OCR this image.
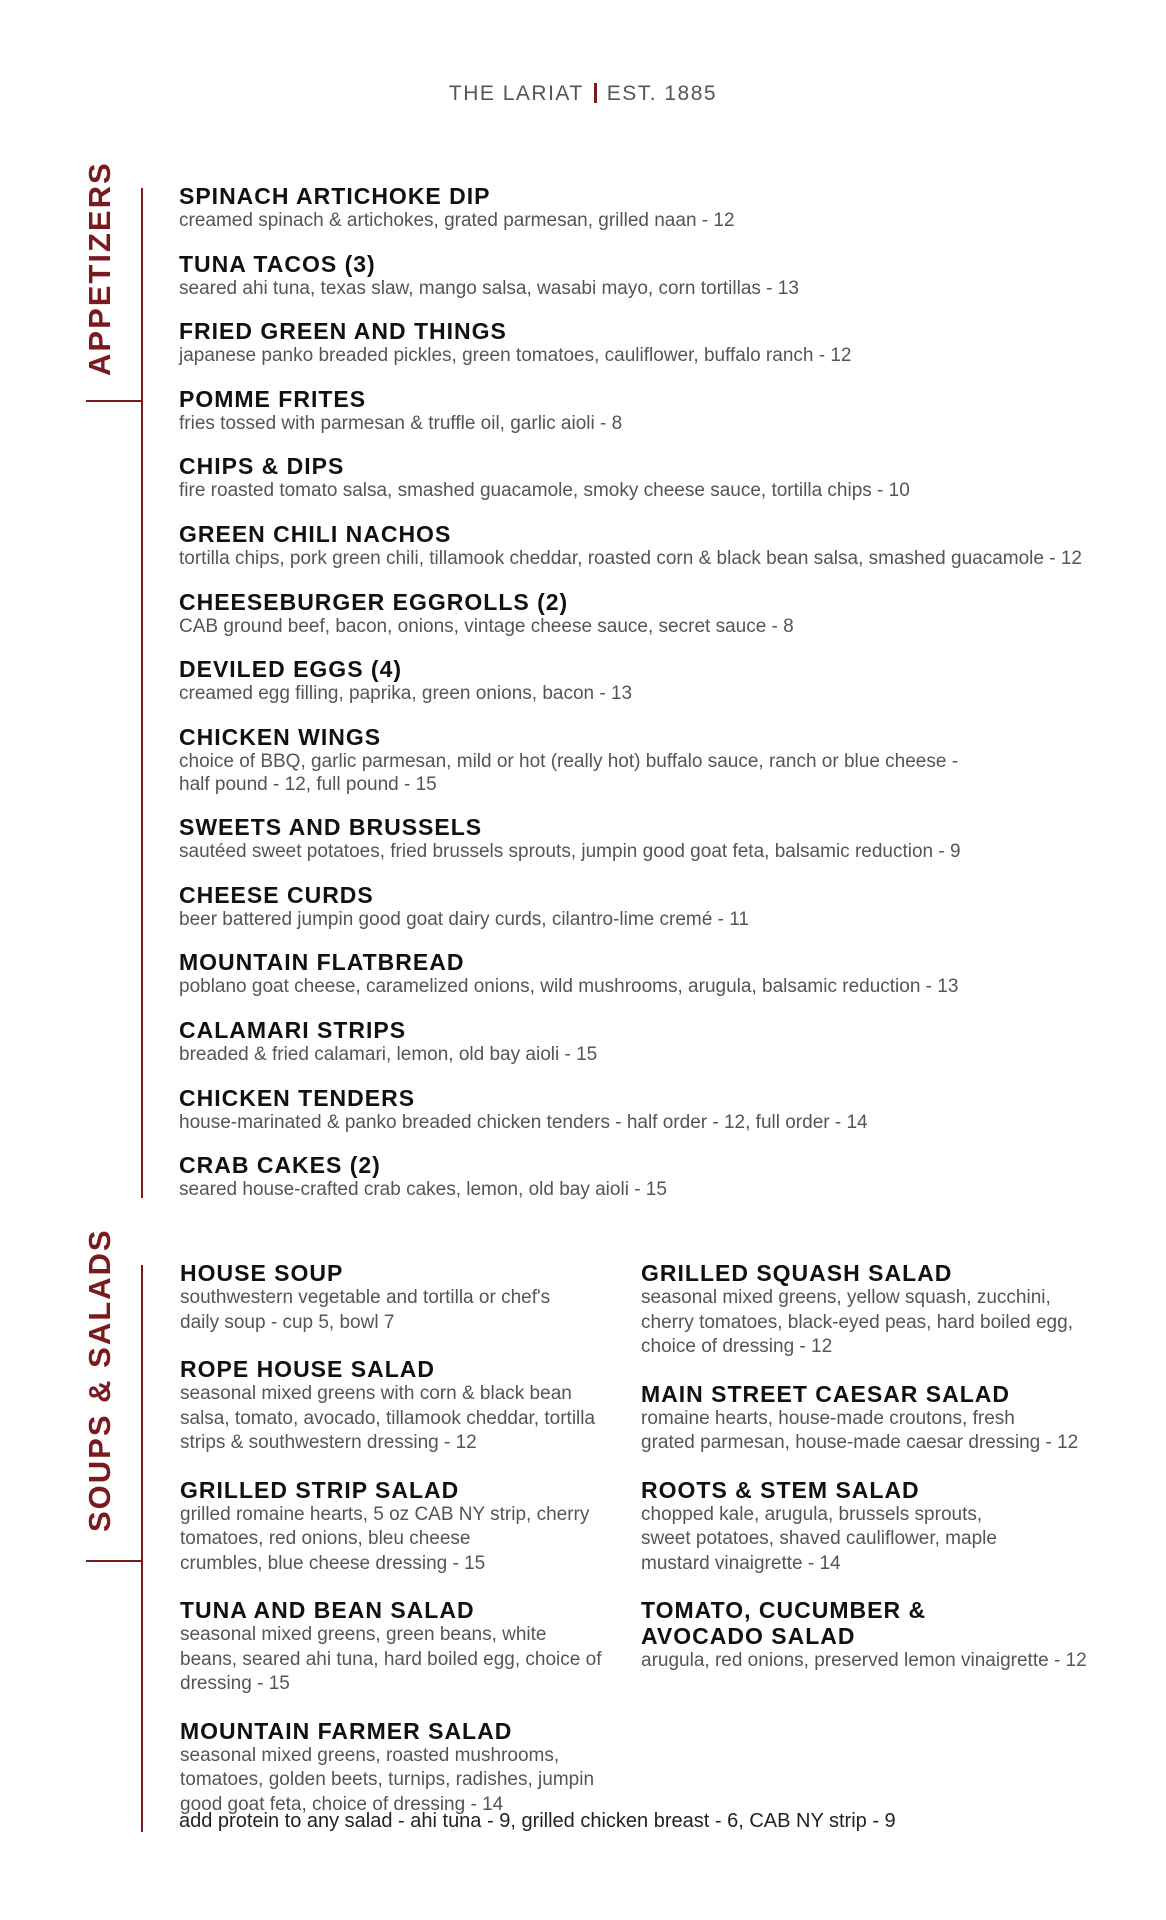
THE LARIAT EST. 1885
APPETIZERS	SPINACH ARTICHOKE DIP

creamed spinach & artichokes, grated parmesan, grilled naan - 12

TUNA TACOS (3)

seared ahi tuna, texas slaw, mango salsa, wasabi mayo, corn tortillas - 13

FRIED GREEN AND THINGS

japanese panko breaded pickles, green tomatoes, cauliflower, buffalo ranch - 12

POMME FRITES

fries tossed with parmesan & truffle oil, garlic aioli - 8

CHIPS & DIPS

fire roasted tomato salsa, smashed guacamole, smoky cheese sauce, tortilla chips - 10

GREEN CHILI NACHOS

tortilla chips, pork green chili, tillamook cheddar, roasted corn & black bean salsa, smashed guacamole - 12

CHEESEBURGER EGGROLLS (2)

CAB ground beef, bacon, onions, vintage cheese sauce, secret sauce - 8

DEVILED EGGS (4)

creamed egg filling, paprika, green onions, bacon - 13

CHICKEN WINGS

choice of BBQ, garlic parmesan, mild or hot (really hot) buffalo sauce, ranch or blue cheese -

half pound - 12, full pound - 15

SWEETS AND BRUSSELS

sautéed sweet potatoes, fried brussels sprouts, jumpin good goat feta, balsamic reduction - 9

CHEESE CURDS

beer battered jumpin good goat dairy curds, cilantro-lime cremé - 11

MOUNTAIN FLATBREAD

poblano goat cheese, caramelized onions, wild mushrooms, arugula, balsamic reduction - 13

CALAMARI STRIPS

breaded & fried calamari, lemon, old bay aioli - 15

CHICKEN TENDERS

house-marinated & panko breaded chicken tenders - half order - 12, full order - 14

CRAB CAKES (2)

seared house-crafted crab cakes, lemon, old bay aioli - 15

SOUPS & SALADS	HOUSE SOUP

southwestern vegetable and tortilla or chef's

daily soup - cup 5, bowl 7

ROPE HOUSE SALAD

seasonal mixed greens with corn & black bean

salsa, tomato, avocado, tillamook cheddar, tortilla

strips & southwestern dressing - 12

GRILLED STRIP SALAD

grilled romaine hearts, 5 oz CAB NY strip, cherry

tomatoes, red onions, bleu cheese

crumbles, blue cheese dressing - 15

TUNA AND BEAN SALAD

seasonal mixed greens, green beans, white

beans, seared ahi tuna, hard boiled egg, choice of

dressing - 15

MOUNTAIN FARMER SALAD

seasonal mixed greens, roasted mushrooms,

tomatoes, golden beets, turnips, radishes, jumpin

good goat feta, choice of dressing - 14

GRILLED SQUASH SALAD

seasonal mixed greens, yellow squash, zucchini,

cherry tomatoes, black-eyed peas, hard boiled egg,

choice of dressing - 12

MAIN STREET CAESAR SALAD

romaine hearts, house-made croutons, fresh

grated parmesan, house-made caesar dressing - 12

ROOTS & STEM SALAD

chopped kale, arugula, brussels sprouts,

sweet potatoes, shaved cauliflower, maple

mustard vinaigrette - 14

TOMATO, CUCUMBER &

AVOCADO SALAD

arugula, red onions, preserved lemon vinaigrette - 12

add protein to any salad - ahi tuna - 9, grilled chicken breast - 6, CAB NY strip - 9
